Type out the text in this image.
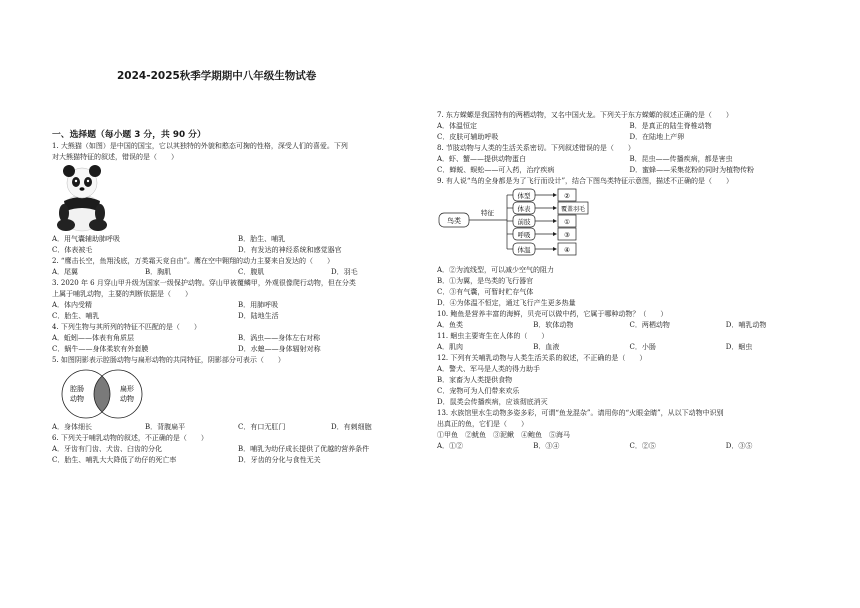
2024-2025秋季学期期中八年级生物试卷
一、选择题（每小题 3 分，共 90 分）
1. 大熊猫（如图）是中国的国宝，它以其独特的外貌和憨态可掬的性格，深受人们的喜爱。下列
对大熊猫特征的叙述，错误的是（　　）
A．用气囊辅助肺呼吸	B．胎生、哺乳
C．体表被毛	D．有发达的神经系统和感觉器官
2. “鹰击长空，鱼翔浅底，万类霜天竞自由”。鹰在空中翱翔的动力主要来自发达的（　　）
A．尾翼	B．胸肌	C．腹肌	D．羽毛
3. 2020 年 6 月穿山甲升级为国家一级保护动物。穿山甲被覆鳞甲，外观很像爬行动物，但在分类
上属于哺乳动物，主要的判断依据是（　　）
A．体内受精	B．用肺呼吸
C．胎生、哺乳	D．陆地生活
4. 下列生物与其所列的特征不匹配的是（　　）
A．蚯蚓——体表有角质层	B．涡虫——身体左右对称
C．蜗牛——身体柔软有外套膜	D．水螅——身体辐射对称
5. 如图阴影表示腔肠动物与扁形动物的共同特征，阴影部分可表示（　　）
腔肠
动物
扁形
动物
A．身体细长	B．背腹扁平	C．有口无肛门	D．有刺细胞
6. 下列关于哺乳动物的叙述，不正确的是（　　）
A．牙齿有门齿、犬齿、臼齿的分化	B．哺乳为幼仔成长提供了优越的营养条件
C．胎生、哺乳大大降低了幼仔的死亡率	D．牙齿的分化与食性无关
7. 东方蝾螈是我国特有的两栖动物，又名中国火龙。下列关于东方蝾螈的叙述正确的是（　　）
A．体温恒定	B．是真正的陆生脊椎动物
C．皮肤可辅助呼吸	D．在陆地上产卵
8. 节肢动物与人类的生活关系密切。下列叙述错误的是（　　）
A．虾、蟹——提供动物蛋白	B．昆虫——传播疾病，都是害虫
C．蝉蜕、蜈蚣——可入药，治疗疾病	D．蜜蜂——采集花粉的同时为植物传粉
9. 有人说“鸟的全身都是为了飞行而设计”，结合下图鸟类特征示意图，描述不正确的是（　　）
鸟类
特征
体型	②
体表	覆盖羽毛
前肢	①
呼吸	③
体温	④
A．②为流线型，可以减少空气的阻力
B．①为翼，是鸟类的飞行器官
C．③有气囊，可暂时贮存气体
D．④为体温不恒定，通过飞行产生更多热量
10. 鲍鱼是营养丰富的海鲜，贝壳可以做中药，它属于哪种动物？（　　）
A．鱼类	B．软体动物	C．两栖动物	D．哺乳动物
11. 蛔虫主要寄生在人体的（　　）
A．肌肉	B．血液	C．小肠	D．蛔虫
12. 下列有关哺乳动物与人类生活关系的叙述，不正确的是（　　）
A．警犬、军马是人类的得力助手
B．家畜为人类提供食物
C．宠物可为人们带来欢乐
D．鼠类会传播疾病，应该彻底消灭
13. 水族馆里水生动物多姿多彩，可谓“鱼龙混杂”。请用你的“火眼金睛”，从以下动物中识别
出真正的鱼，它们是（　　）
①甲鱼　②鱿鱼　③泥鳅　④鲍鱼　⑤海马
A．①②	B．③④	C．②⑤	D．③⑤
